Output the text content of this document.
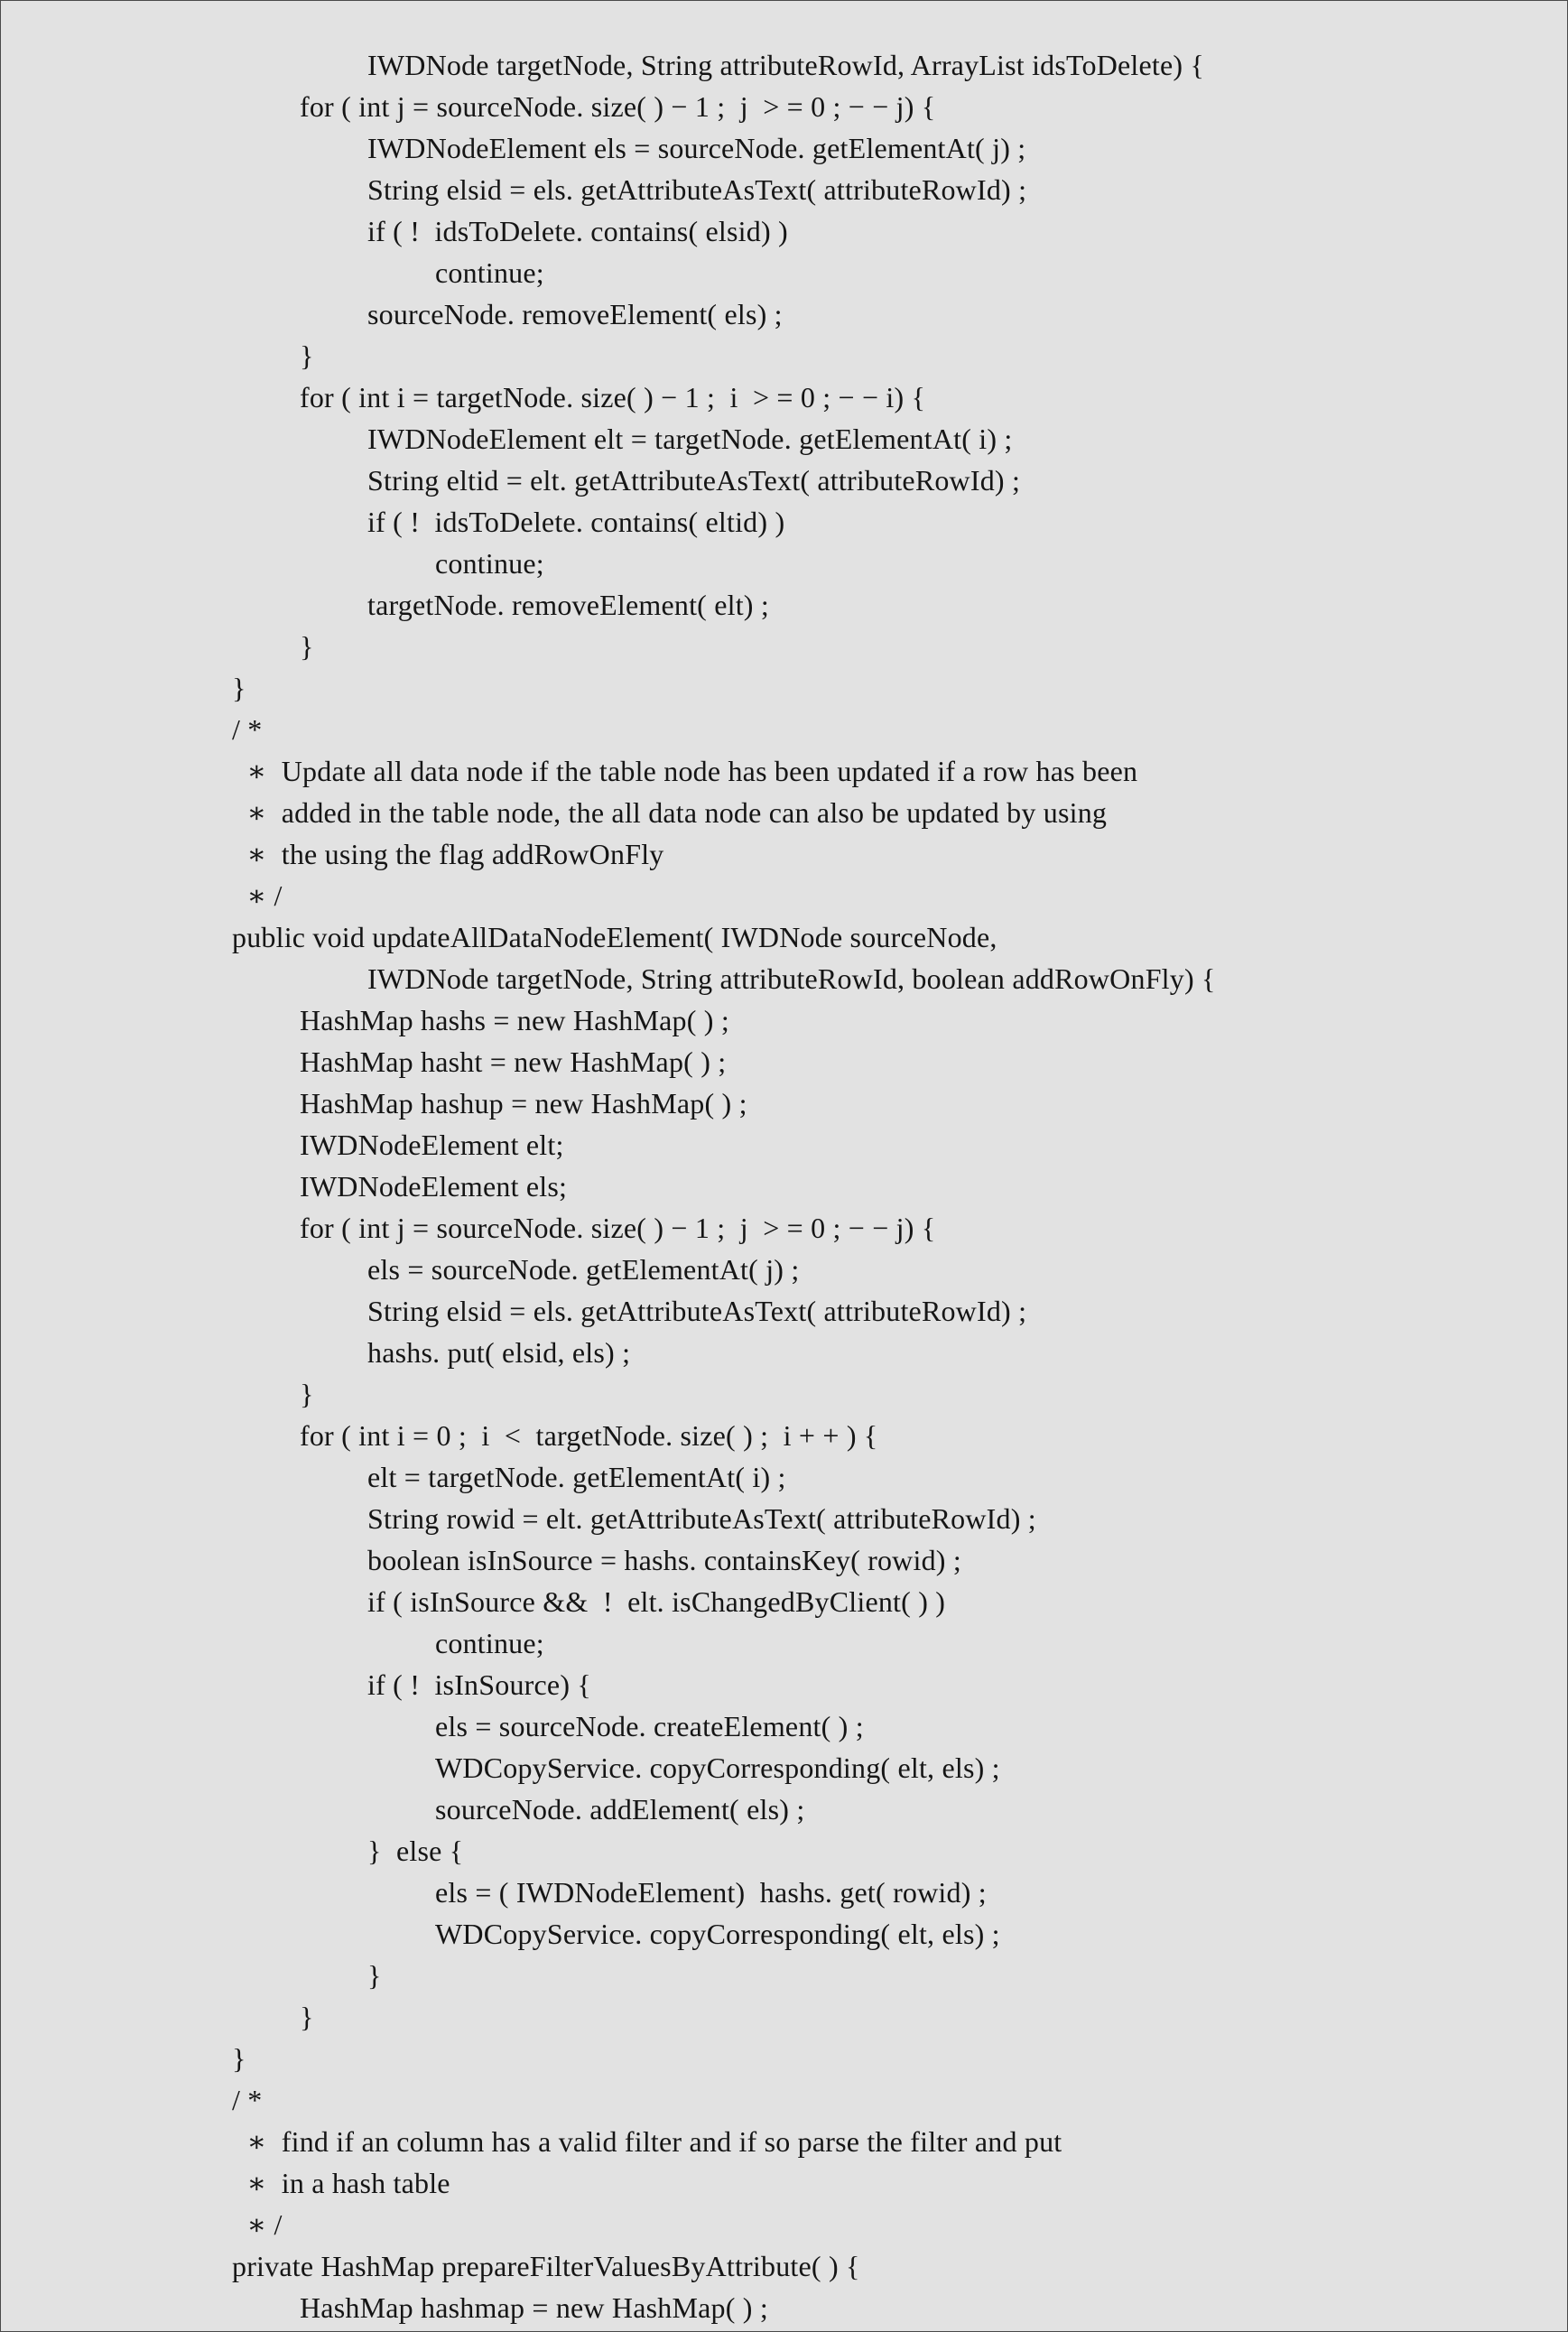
IWDNode targetNode, String attributeRowId, ArrayList idsToDelete) {
for ( int j = sourceNode. size( ) − 1 ;  j  > = 0 ; − − j) {
IWDNodeElement els = sourceNode. getElementAt( j) ;
String elsid = els. getAttributeAsText( attributeRowId) ;
if ( !  idsToDelete. contains( elsid) )
continue;
sourceNode. removeElement( els) ;
}
for ( int i = targetNode. size( ) − 1 ;  i  > = 0 ; − − i) {
IWDNodeElement elt = targetNode. getElementAt( i) ;
String eltid = elt. getAttributeAsText( attributeRowId) ;
if ( !  idsToDelete. contains( eltid) )
continue;
targetNode. removeElement( elt) ;
}
}
/ *
∗  Update all data node if the table node has been updated if a row has been
∗  added in the table node, the all data node can also be updated by using
∗  the using the flag addRowOnFly
∗ /
public void updateAllDataNodeElement( IWDNode sourceNode,
IWDNode targetNode, String attributeRowId, boolean addRowOnFly) {
HashMap hashs = new HashMap( ) ;
HashMap hasht = new HashMap( ) ;
HashMap hashup = new HashMap( ) ;
IWDNodeElement elt;
IWDNodeElement els;
for ( int j = sourceNode. size( ) − 1 ;  j  > = 0 ; − − j) {
els = sourceNode. getElementAt( j) ;
String elsid = els. getAttributeAsText( attributeRowId) ;
hashs. put( elsid, els) ;
}
for ( int i = 0 ;  i  <  targetNode. size( ) ;  i + + ) {
elt = targetNode. getElementAt( i) ;
String rowid = elt. getAttributeAsText( attributeRowId) ;
boolean isInSource = hashs. containsKey( rowid) ;
if ( isInSource &&  !  elt. isChangedByClient( ) )
continue;
if ( !  isInSource) {
els = sourceNode. createElement( ) ;
WDCopyService. copyCorresponding( elt, els) ;
sourceNode. addElement( els) ;
}  else {
els = ( IWDNodeElement)  hashs. get( rowid) ;
WDCopyService. copyCorresponding( elt, els) ;
}
}
}
/ *
∗  find if an column has a valid filter and if so parse the filter and put
∗  in a hash table
∗ /
private HashMap prepareFilterValuesByAttribute( ) {
HashMap hashmap = new HashMap( ) ;
